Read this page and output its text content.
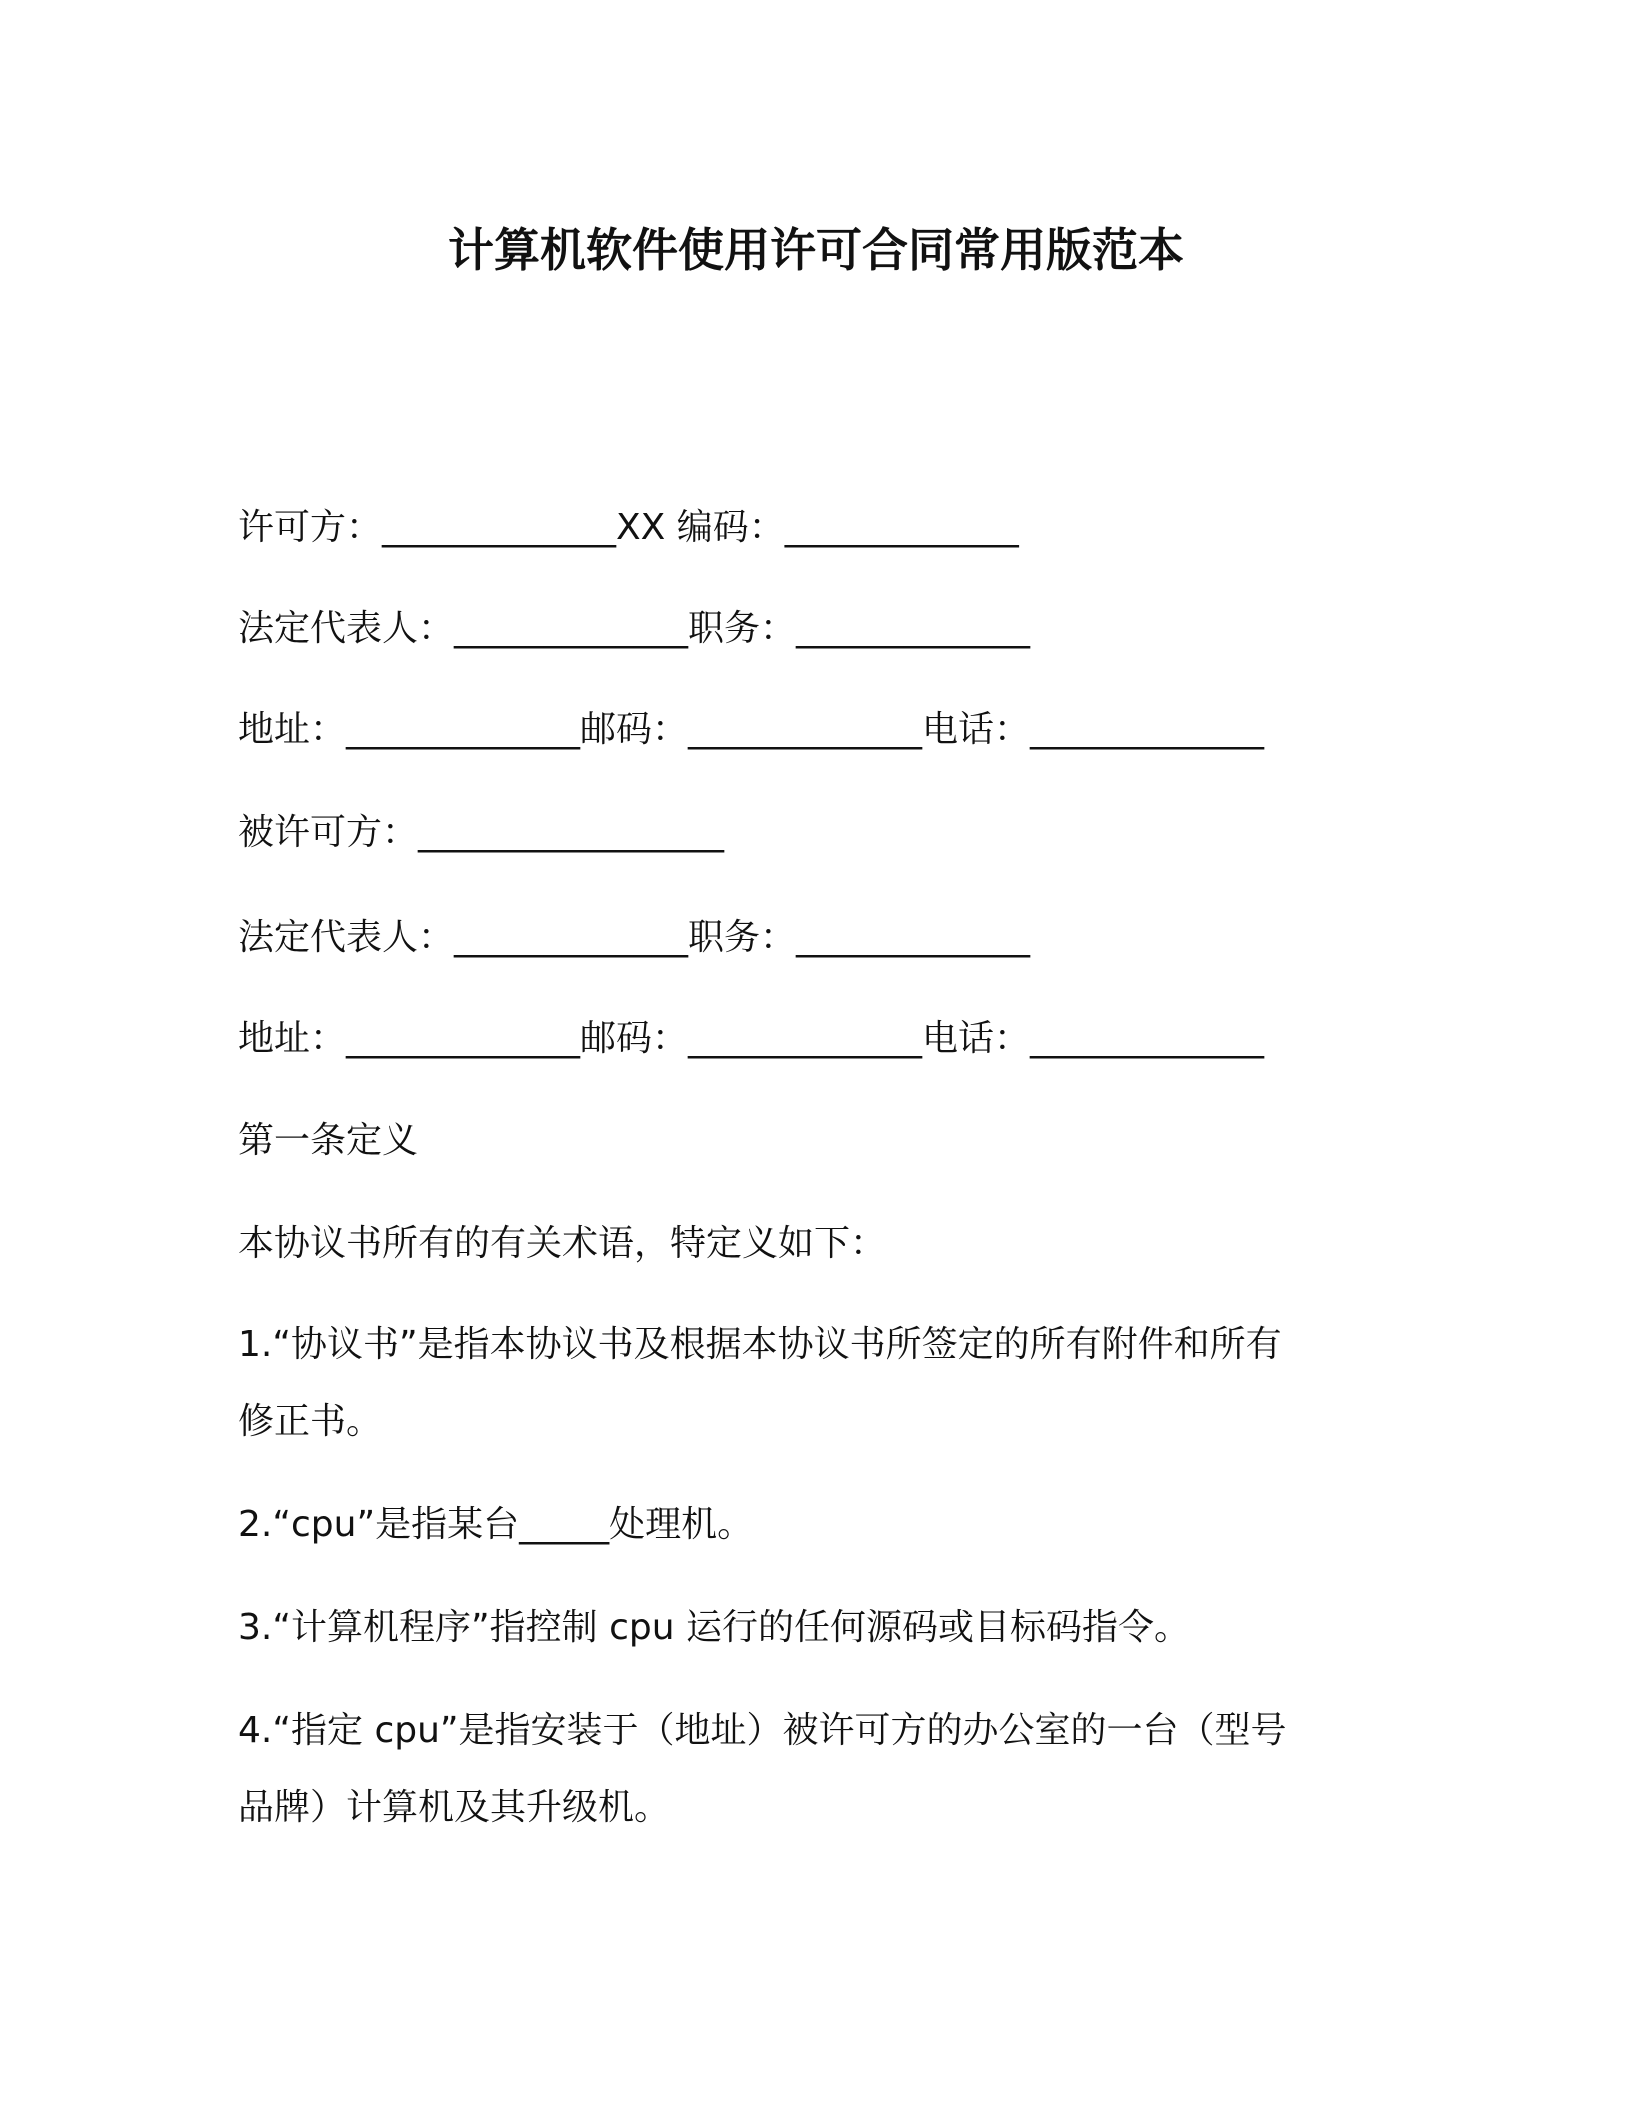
计算机软件使用许可合同常用版范本
许可方：_____________XX 编码：_____________
法定代表人：_____________职务：_____________
地址：_____________邮码：_____________电话：_____________
被许可方：_________________
法定代表人：_____________职务：_____________
地址：_____________邮码：_____________电话：_____________
第一条定义
本协议书所有的有关术语，特定义如下：
1.“协议书”是指本协议书及根据本协议书所签定的所有附件和所有
修正书。
2.“cpu”是指某台_____处理机。
3.“计算机程序”指控制 cpu 运行的任何源码或目标码指令。
4.“指定 cpu”是指安装于（地址）被许可方的办公室的一台（型号
品牌）计算机及其升级机。
